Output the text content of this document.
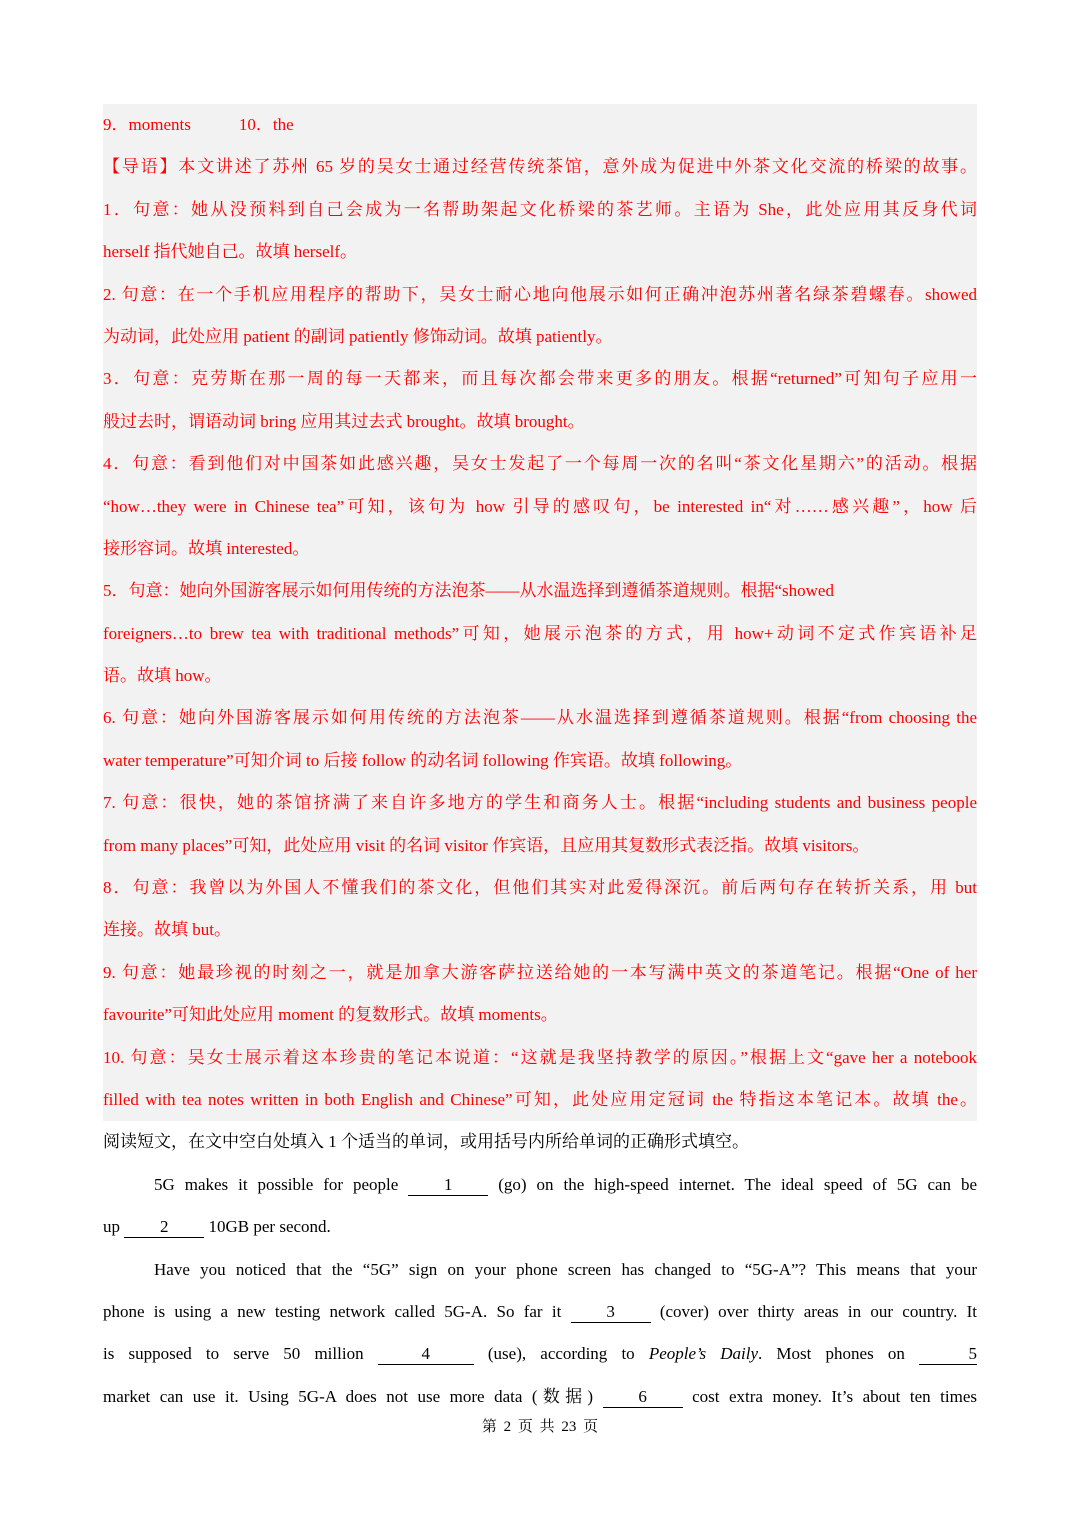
9．moments	10．the
【导语】本文讲述了苏州 65 岁的吴女士通过经营传统茶馆，意外成为促进中外茶文化交流的桥梁的故事。
1．句意：她从没预料到自己会成为一名帮助架起文化桥梁的茶艺师。主语为 She，此处应用其反身代词
herself 指代她自己。故填 herself。
2. 句意：在一个手机应用程序的帮助下，吴女士耐心地向他展示如何正确冲泡苏州著名绿茶碧螺春。showed
为动词，此处应用 patient 的副词 patiently 修饰动词。故填 patiently。
3．句意：克劳斯在那一周的每一天都来，而且每次都会带来更多的朋友。根据“returned”可知句子应用一
般过去时，谓语动词 bring 应用其过去式 brought。故填 brought。
4．句意：看到他们对中国茶如此感兴趣，吴女士发起了一个每周一次的名叫“茶文化星期六”的活动。根据
“how…they were in Chinese tea”可知，该句为 how 引导的感叹句，be interested in“对……感兴趣”，how 后
接形容词。故填 interested。
5．句意：她向外国游客展示如何用传统的方法泡茶——从水温选择到遵循茶道规则。根据“showed
foreigners…to brew tea with traditional methods”可知，她展示泡茶的方式，用 how+动词不定式作宾语补足
语。故填 how。
6. 句意：她向外国游客展示如何用传统的方法泡茶——从水温选择到遵循茶道规则。根据“from choosing the
water temperature”可知介词 to 后接 follow 的动名词 following 作宾语。故填 following。
7. 句意：很快，她的茶馆挤满了来自许多地方的学生和商务人士。根据“including students and business people
from many places”可知，此处应用 visit 的名词 visitor 作宾语，且应用其复数形式表泛指。故填 visitors。
8．句意：我曾以为外国人不懂我们的茶文化，但他们其实对此爱得深沉。前后两句存在转折关系，用 but
连接。故填 but。
9. 句意：她最珍视的时刻之一，就是加拿大游客萨拉送给她的一本写满中英文的茶道笔记。根据“One of her
favourite”可知此处应用 moment 的复数形式。故填 moments。
10. 句意：吴女士展示着这本珍贵的笔记本说道：“这就是我坚持教学的原因。”根据上文“gave her a notebook
filled with tea notes written in both English and Chinese”可知，此处应用定冠词 the 特指这本笔记本。故填 the。
阅读短文，在文中空白处填入 1 个适当的单词，或用括号内所给单词的正确形式填空。
5G makes it possible for people	1	(go) on the high-speed internet. The ideal speed of 5G can be
up 2 10GB per second.
Have you noticed that the “5G” sign on your phone screen has changed to “5G-A”? This means that your
phone is using a new testing network called 5G-A. So far it	3	(cover) over thirty areas in our country. It
is supposed to serve 50 million	4	(use), according to People’s Daily. Most phones on	5
market can use it. Using 5G-A does not use more data (数据)	6	cost extra money. It’s about ten times
第 2 页 共 23 页
